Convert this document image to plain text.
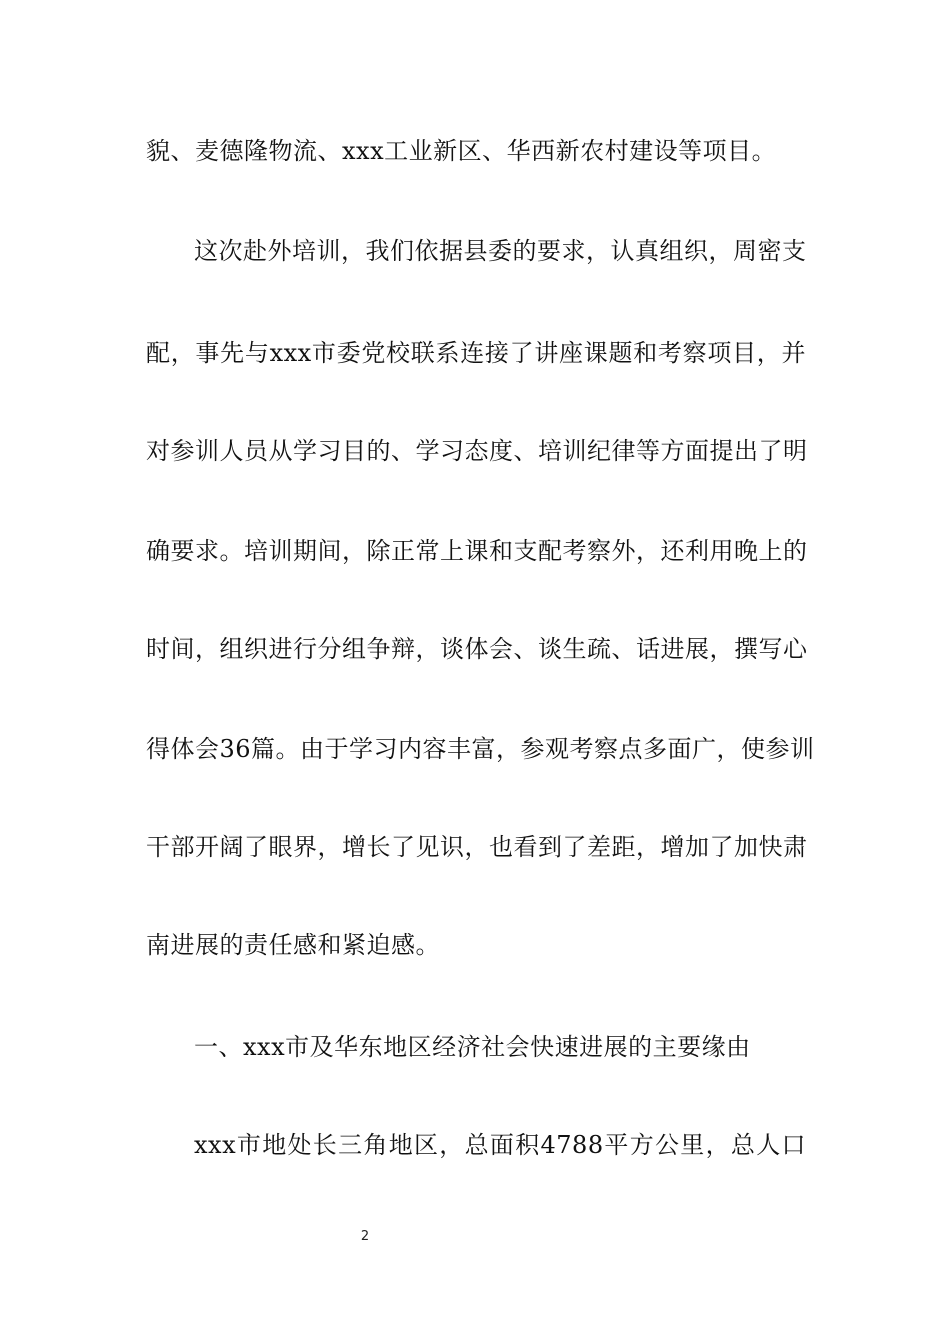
貌、麦德隆物流、xxx工业新区、华西新农村建设等项目。
这次赴外培训，我们依据县委的要求，认真组织，周密支
配，事先与xxx市委党校联系连接了讲座课题和考察项目，并
对参训人员从学习目的、学习态度、培训纪律等方面提出了明
确要求。培训期间，除正常上课和支配考察外，还利用晚上的
时间，组织进行分组争辩，谈体会、谈生疏、话进展，撰写心
得体会36篇。由于学习内容丰富，参观考察点多面广，使参训
干部开阔了眼界，增长了见识，也看到了差距，增加了加快肃
南进展的责任感和紧迫感。
一、xxx市及华东地区经济社会快速进展的主要缘由
xxx市地处长三角地区，总面积4788平方公里，总人口
2
